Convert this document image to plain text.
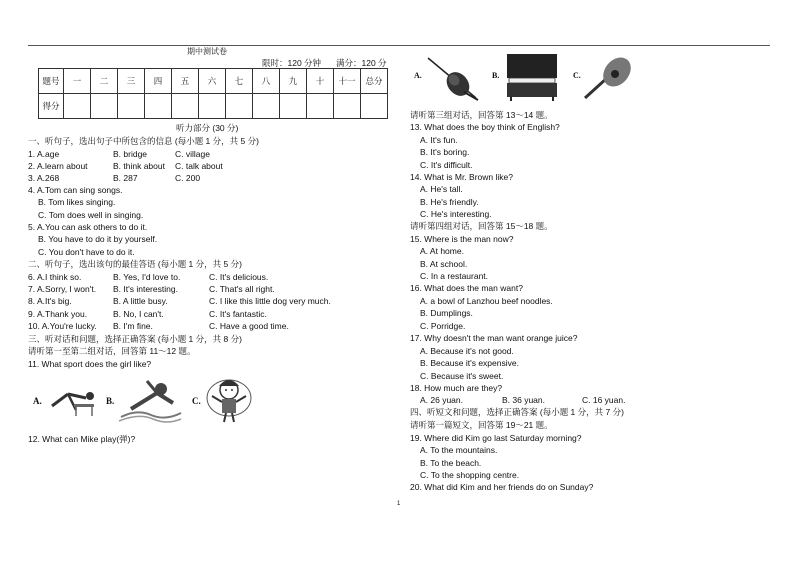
期中测试卷
限时：120 分钟 满分：120 分
题号	一	二	三	四	五	六	七	八	九	十	十一	总分
得分												
听力部分 (30 分)
一、听句子，选出句子中所包含的信息 (每小题 1 分，共 5 分)
1. A.age	B. bridge	C. village
2. A.learn about	B. think about C. talk about
3. A.268	B. 287	C. 200
4. A.Tom can sing songs.
B. Tom likes singing.
C. Tom does well in singing.
5. A.You can ask others to do it.
B. You have to do it by yourself.
C. You don't have to do it.
二、听句子，选出该句的最佳答语 (每小题 1 分，共 5 分)
6. A.I think so.	B. Yes, I'd love to.	C. It's delicious.
7. A.Sorry, I won't. B. It's interesting.	C. That's all right.
8. A.It's big.	B. A little busy.	C. I like this little dog very much.
9. A.Thank you.	B. No, I can't.	C. It's fantastic.
10. A.You're lucky. B. I'm fine.	C. Have a good time.
三、听对话和问题，选择正确答案 (每小题 1 分，共 8 分)
请听第一至第二组对话，回答第 11～12 题。
11. What sport does the girl like?
A.	B.	C.
12. What can Mike play(弹)?
A.	B.	C.
请听第三组对话，回答第 13～14 题。
13. What does the boy think of English?
A. It's fun.
B. It's boring.
C. It's difficult.
14. What is Mr. Brown like?
A. He's tall.
B. He's friendly.
C. He's interesting.
请听第四组对话，回答第 15～18 题。
15. Where is the man now?
A. At home.
B. At school.
C. In a restaurant.
16. What does the man want?
A. a bowl of Lanzhou beef noodles.
B. Dumplings.
C. Porridge.
17. Why doesn't the man want orange juice?
A. Because it's not good.
B. Because it's expensive.
C. Because it's sweet.
18. How much are they?
A. 26 yuan.	B. 36 yuan.	C. 16 yuan.
四、听短文和问题，选择正确答案 (每小题 1 分，共 7 分)
请听第一篇短文，回答第 19～21 题。
19. Where did Kim go last Saturday morning?
A. To the mountains.
B. To the beach.
C. To the shopping centre.
20. What did Kim and her friends do on Sunday?
1
